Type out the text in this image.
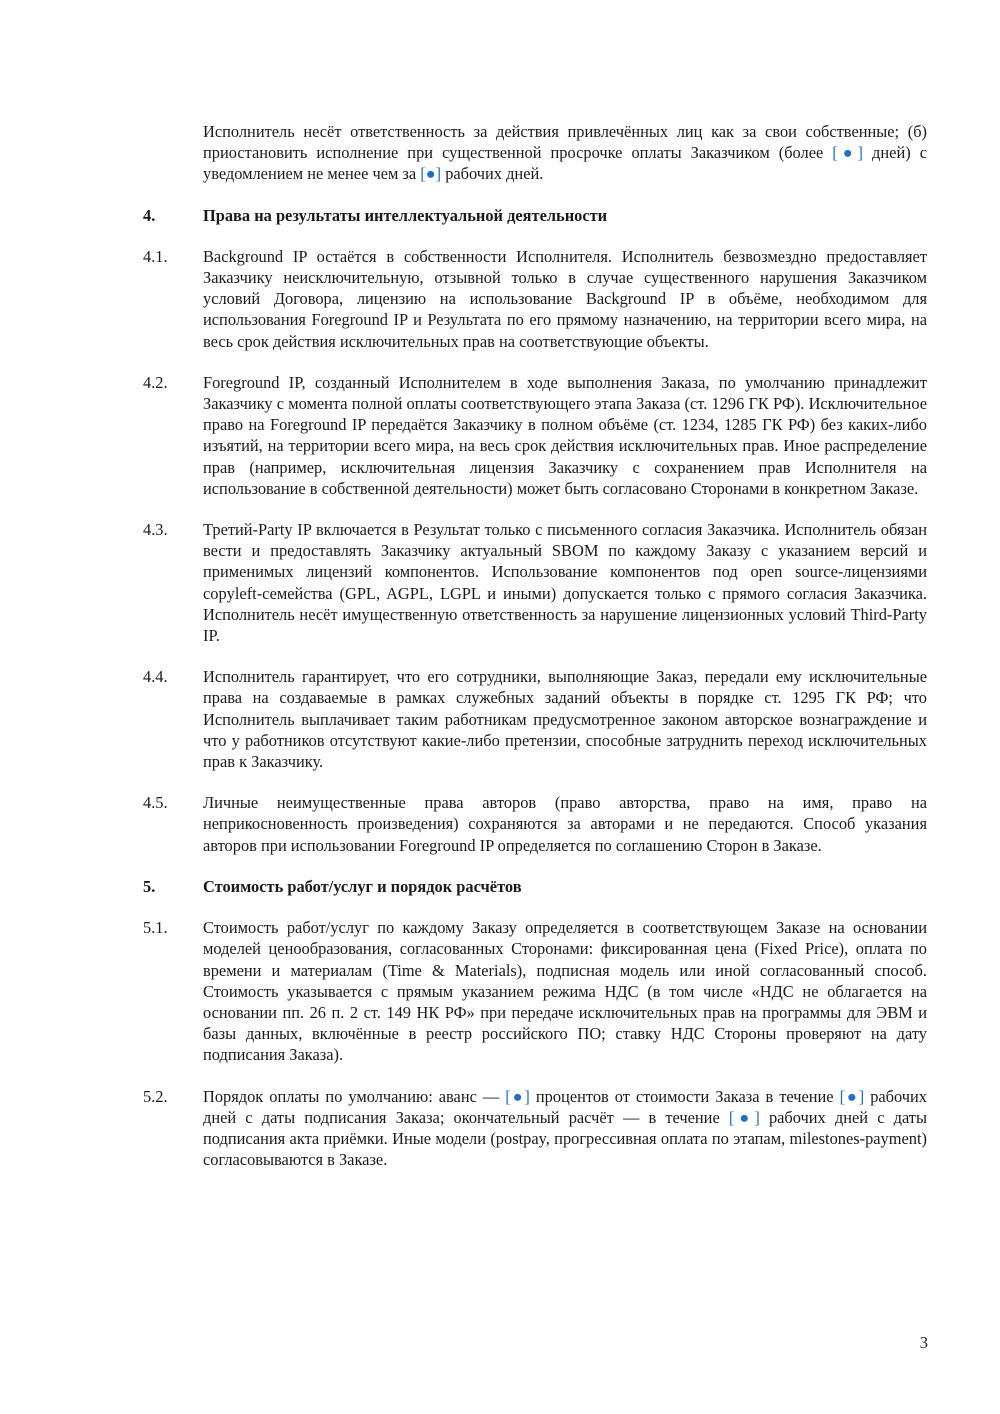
Исполнитель несёт ответственность за действия привлечённых лиц как за свои собственные; (б) приостановить исполнение при существенной просрочке оплаты Заказчиком (более [●] дней) с уведомлением не менее чем за [●] рабочих дней.

4.	Права на результаты интеллектуальной деятельности
4.1.	Background IP остаётся в собственности Исполнителя. Исполнитель безвозмездно предоставляет Заказчику неисключительную, отзывной только в случае существенного нарушения Заказчиком условий Договора, лицензию на использование Background IP в объёме, необходимом для использования Foreground IP и Результата по его прямому назначению, на территории всего мира, на весь срок действия исключительных прав на соответствующие объекты.
4.2.	Foreground IP, созданный Исполнителем в ходе выполнения Заказа, по умолчанию принадлежит Заказчику с момента полной оплаты соответствующего этапа Заказа (ст. 1296 ГК РФ). Исключительное право на Foreground IP передаётся Заказчику в полном объёме (ст. 1234, 1285 ГК РФ) без каких-либо изъятий, на территории всего мира, на весь срок действия исключительных прав. Иное распределение прав (например, исключительная лицензия Заказчику с сохранением прав Исполнителя на использование в собственной деятельности) может быть согласовано Сторонами в конкретном Заказе.
4.3.	Третий-Party IP включается в Результат только с письменного согласия Заказчика. Исполнитель обязан вести и предоставлять Заказчику актуальный SBOM по каждому Заказу с указанием версий и применимых лицензий компонентов. Использование компонентов под open source-лицензиями copyleft-семейства (GPL, AGPL, LGPL и иными) допускается только с прямого согласия Заказчика. Исполнитель несёт имущественную ответственность за нарушение лицензионных условий Third-Party IP.
4.4.	Исполнитель гарантирует, что его сотрудники, выполняющие Заказ, передали ему исключительные права на создаваемые в рамках служебных заданий объекты в порядке ст. 1295 ГК РФ; что Исполнитель выплачивает таким работникам предусмотренное законом авторское вознаграждение и что у работников отсутствуют какие-либо претензии, способные затруднить переход исключительных прав к Заказчику.
4.5.	Личные неимущественные права авторов (право авторства, право на имя, право на неприкосновенность произведения) сохраняются за авторами и не передаются. Способ указания авторов при использовании Foreground IP определяется по соглашению Сторон в Заказе.
5.	Стоимость работ/услуг и порядок расчётов
5.1.	Стоимость работ/услуг по каждому Заказу определяется в соответствующем Заказе на основании моделей ценообразования, согласованных Сторонами: фиксированная цена (Fixed Price), оплата по времени и материалам (Time & Materials), подписная модель или иной согласованный способ. Стоимость указывается с прямым указанием режима НДС (в том числе «НДС не облагается на основании пп. 26 п. 2 ст. 149 НК РФ» при передаче исключительных прав на программы для ЭВМ и базы данных, включённые в реестр российского ПО; ставку НДС Стороны проверяют на дату подписания Заказа).
5.2.	Порядок оплаты по умолчанию: аванс — [●] процентов от стоимости Заказа в течение [●] рабочих дней с даты подписания Заказа; окончательный расчёт — в течение [●] рабочих дней с даты подписания акта приёмки. Иные модели (postpay, прогрессивная оплата по этапам, milestones-payment) согласовываются в Заказе.
3
